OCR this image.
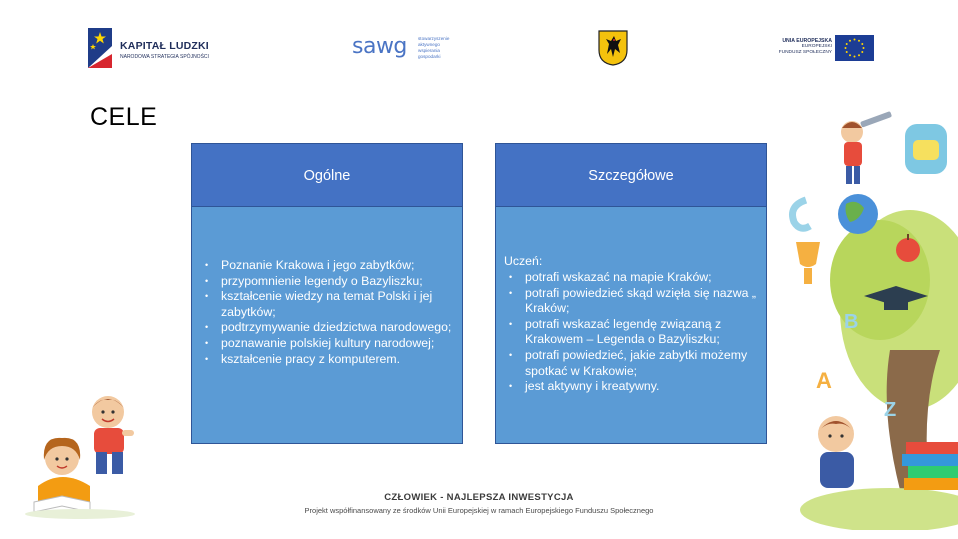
KAPITAŁ LUDZKI
NARODOWA STRATEGIA SPÓJNOŚCI	sawg stowarzyszenie
aktywnego
wspierania
gospodarki
UNIA EUROPEJSKA
EUROPEJSKI
FUNDUSZ SPOŁECZNY
CELE
Ogólne
• Poznanie Krakowa i jego zabytków;
• przypomnienie legendy o Bazyliszku;
• kształcenie wiedzy na temat Polski i jej zabytków;
• podtrzymywanie dziedzictwa narodowego;
• poznawanie polskiej kultury narodowej;
• kształcenie pracy z komputerem.
Szczegółowe
Uczeń:
• potrafi wskazać na mapie Kraków;
• potrafi powiedzieć skąd wzięła się nazwa „ Kraków;
• potrafi wskazać legendę związaną z Krakowem – Legenda o Bazyliszku;
• potrafi powiedzieć, jakie zabytki możemy spotkać w Krakowie;
• jest aktywny i kreatywny.
B
A
Z
CZŁOWIEK - NAJLEPSZA INWESTYCJA
Projekt współfinansowany ze środków Unii Europejskiej w ramach Europejskiego Funduszu Społecznego
